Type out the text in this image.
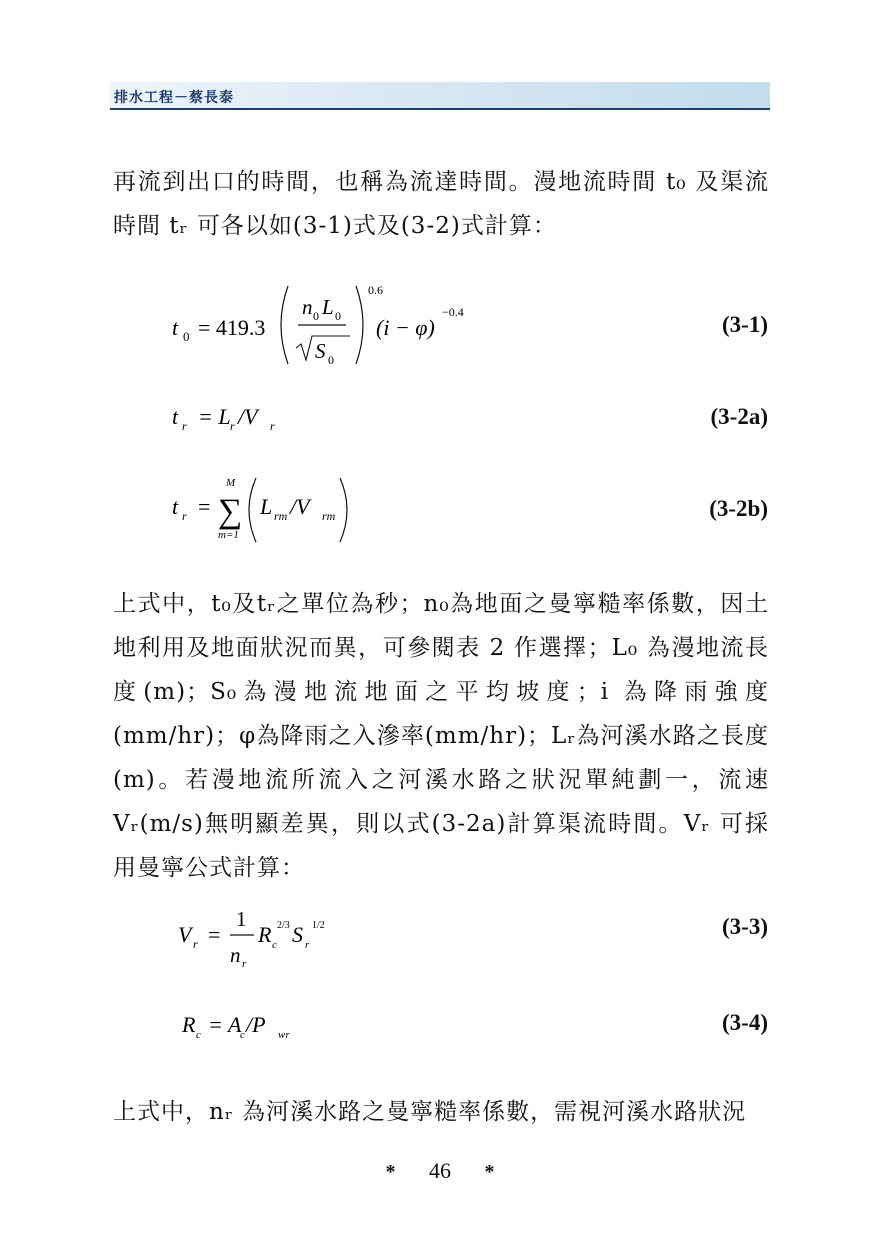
排水工程－蔡長泰

再流到出口的時間，也稱為流達時間。漫地流時間 t₀ 及渠流時間 tᵣ 可各以如(3-1)式及(3-2)式計算：

t 0 = 419.3
n 0 L 0
S 0
0.6
(i − φ)
−0.4	(3-1)
t r = L r /V r	(3-2a)
t r =
M
∑
m=1
L rm /V rm	(3-2b)

上式中，t₀及tᵣ之單位為秒；n₀為地面之曼寧糙率係數，因土地利用及地面狀況而異，可參閱表 2 作選擇；L₀ 為漫地流長度(m)；S₀為漫地流地面之平均坡度；i 為降雨強度(mm/hr)；φ為降雨之入滲率(mm/hr)；Lᵣ為河溪水路之長度(m)。若漫地流所流入之河溪水路之狀況單純劃一，流速 Vᵣ(m/s)無明顯差異，則以式(3-2a)計算渠流時間。Vᵣ 可採用曼寧公式計算：

V r =
1
n r
R c
2/3 S r
1/2	(3-3)
R c = A
c /P wr	(3-4)

上式中，nᵣ 為河溪水路之曼寧糙率係數，需視河溪水路狀況

* 46 *
